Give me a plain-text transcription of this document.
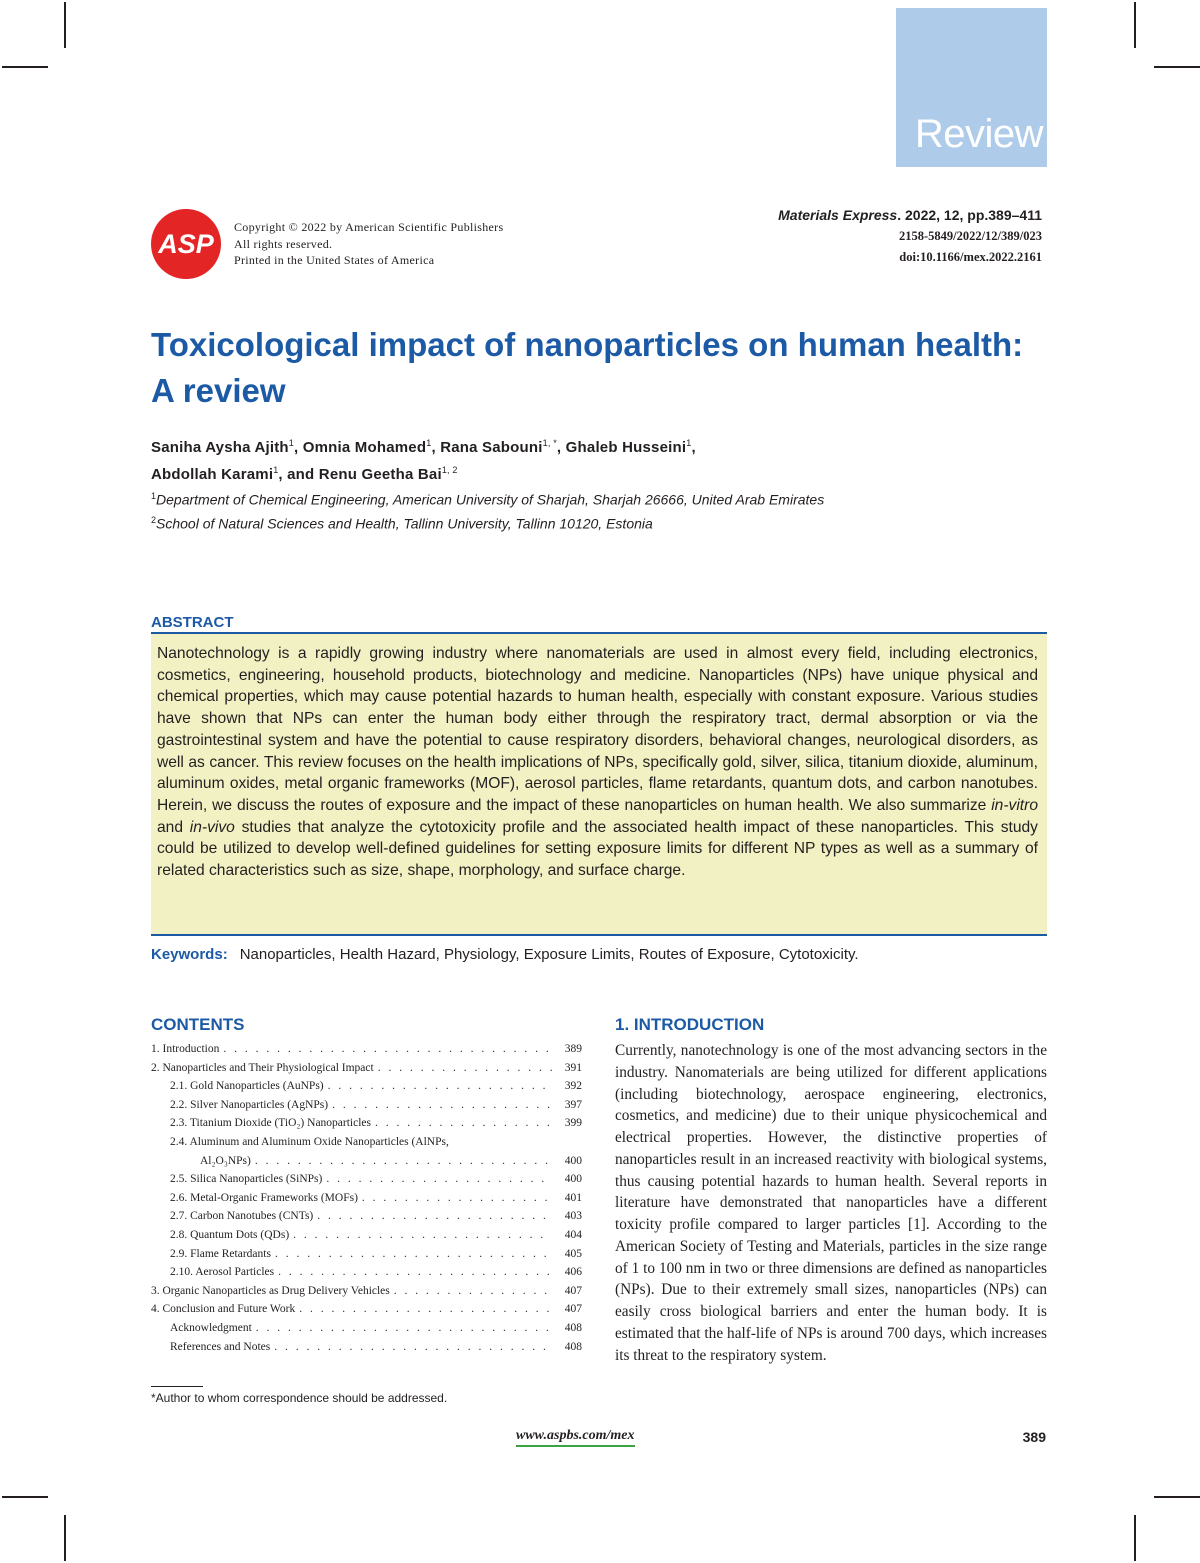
Review
ASP
Copyright © 2022 by American Scientific Publishers
All rights reserved.
Printed in the United States of America
Materials Express. 2022, 12, pp.389–411
2158-5849/2022/12/389/023
doi:10.1166/mex.2022.2161
Toxicological impact of nanoparticles on human health: A review
Saniha Aysha Ajith$^1$, Omnia Mohamed$^1$, Rana Sabouni$^{1, *}$, Ghaleb Husseini$^1$,
Abdollah Karami$^1$, and Renu Geetha Bai$^{1, 2}$
$^1$Department of Chemical Engineering, American University of Sharjah, Sharjah 26666, United Arab Emirates
$^2$School of Natural Sciences and Health, Tallinn University, Tallinn 10120, Estonia
ABSTRACT

Nanotechnology is a rapidly growing industry where nanomaterials are used in almost every field, including electronics, cosmetics, engineering, household products, biotechnology and medicine. Nanoparticles (NPs) have unique physical and chemical properties, which may cause potential hazards to human health, especially with constant exposure. Various studies have shown that NPs can enter the human body either through the respiratory tract, dermal absorption or via the gastrointestinal system and have the potential to cause respiratory disorders, behavioral changes, neurological disorders, as well as cancer. This review focuses on the health implications of NPs, specifically gold, silver, silica, titanium dioxide, aluminum, aluminum oxides, metal organic frameworks (MOF), aerosol particles, flame retardants, quantum dots, and carbon nanotubes. Herein, we discuss the routes of exposure and the impact of these nanoparticles on human health. We also summarize in-vitro and in-vivo studies that analyze the cytotoxicity profile and the associated health impact of these nanoparticles. This study could be utilized to develop well-defined guidelines for setting exposure limits for different NP types as well as a summary of related characteristics such as size, shape, morphology, and surface charge.

Keywords: Nanoparticles, Health Hazard, Physiology, Exposure Limits, Routes of Exposure, Cytotoxicity.
CONTENTS
1. Introduction . . .	389
2. Nanoparticles and Their Physiological Impact . . .	391
2.1. Gold Nanoparticles (AuNPs) . . .	392
2.2. Silver Nanoparticles (AgNPs) . . .	397
2.3. Titanium Dioxide (TiO₂) Nanoparticles . . .	399
2.4. Aluminum and Aluminum Oxide Nanoparticles (AlNPs,
Al₂O₃NPs) . . .	400
2.5. Silica Nanoparticles (SiNPs) . . .	400
2.6. Metal-Organic Frameworks (MOFs) . . .	401
2.7. Carbon Nanotubes (CNTs) . . .	403
2.8. Quantum Dots (QDs) . . .	404
2.9. Flame Retardants . . .	405
2.10. Aerosol Particles . . .	406
3. Organic Nanoparticles as Drug Delivery Vehicles . . .	407
4. Conclusion and Future Work . . .	407
Acknowledgment . . .	408
References and Notes . . .	408
*Author to whom correspondence should be addressed.
1. INTRODUCTION

Currently, nanotechnology is one of the most advancing sectors in the industry. Nanomaterials are being utilized for different applications (including biotechnology, aerospace engineering, electronics, cosmetics, and medicine) due to their unique physicochemical and electrical properties. However, the distinctive properties of nanoparticles result in an increased reactivity with biological systems, thus causing potential hazards to human health. Several reports in literature have demonstrated that nanoparticles have a different toxicity profile compared to larger particles [1]. According to the American Society of Testing and Materials, particles in the size range of 1 to 100 nm in two or three dimensions are defined as nanoparticles (NPs). Due to their extremely small sizes, nanoparticles (NPs) can easily cross biological barriers and enter the human body. It is estimated that the half-life of NPs is around 700 days, which increases its threat to the respiratory system.

www.aspbs.com/mex	389
